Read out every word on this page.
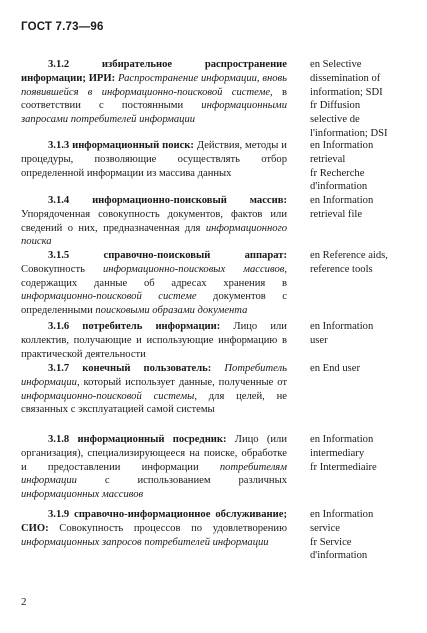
ГОСТ 7.73—96
3.1.2	избирательное распространение информации; ИРИ: Распространение информации, вновь появившейся в информационно-поисковой системе, в соответствии с постоянными информационными запросами потребителей информации
en Selective
dissemination of
information; SDI
fr Diffusion
selective de
l'information; DSI
3.1.3 информационный поиск: Действия, методы и процедуры, позволяющие осуществлять отбор определенной информации из массива данных
en Information
retrieval
fr Recherche
d'information
3.1.4 информационно-поисковый массив: Упорядоченная совокупность документов, фактов или сведений о них, предназначенная для информационного поиска
en Information
retrieval file
3.1.5	справочно-поисковый аппарат: Совокупность информационно-поисковых массивов, содержащих данные об адресах хранения в информационно-поисковой системе документов с определенными поисковыми образами документа
en Reference aids,
reference tools
3.1.6 потребитель информации: Лицо или коллектив, получающие и использующие информацию в практической деятельности
en Information
user
3.1.7 конечный пользователь: Потребитель информации, который использует данные, полученные от информационно-поисковой системы, для целей, не связанных с эксплуатацией самой системы
en End user
3.1.8 информационный посредник: Лицо (или организация), специализирующееся на поиске, обработке и предоставлении информации потребителям информации с использованием различных информационных массивов
en Information
intermediary
fr Intermediaire
3.1.9 справочно-информационное обслуживание; СИО: Совокупность процессов по удовлетворению информационных запросов потребителей информации
en Information
service
fr Service
d'information
2
